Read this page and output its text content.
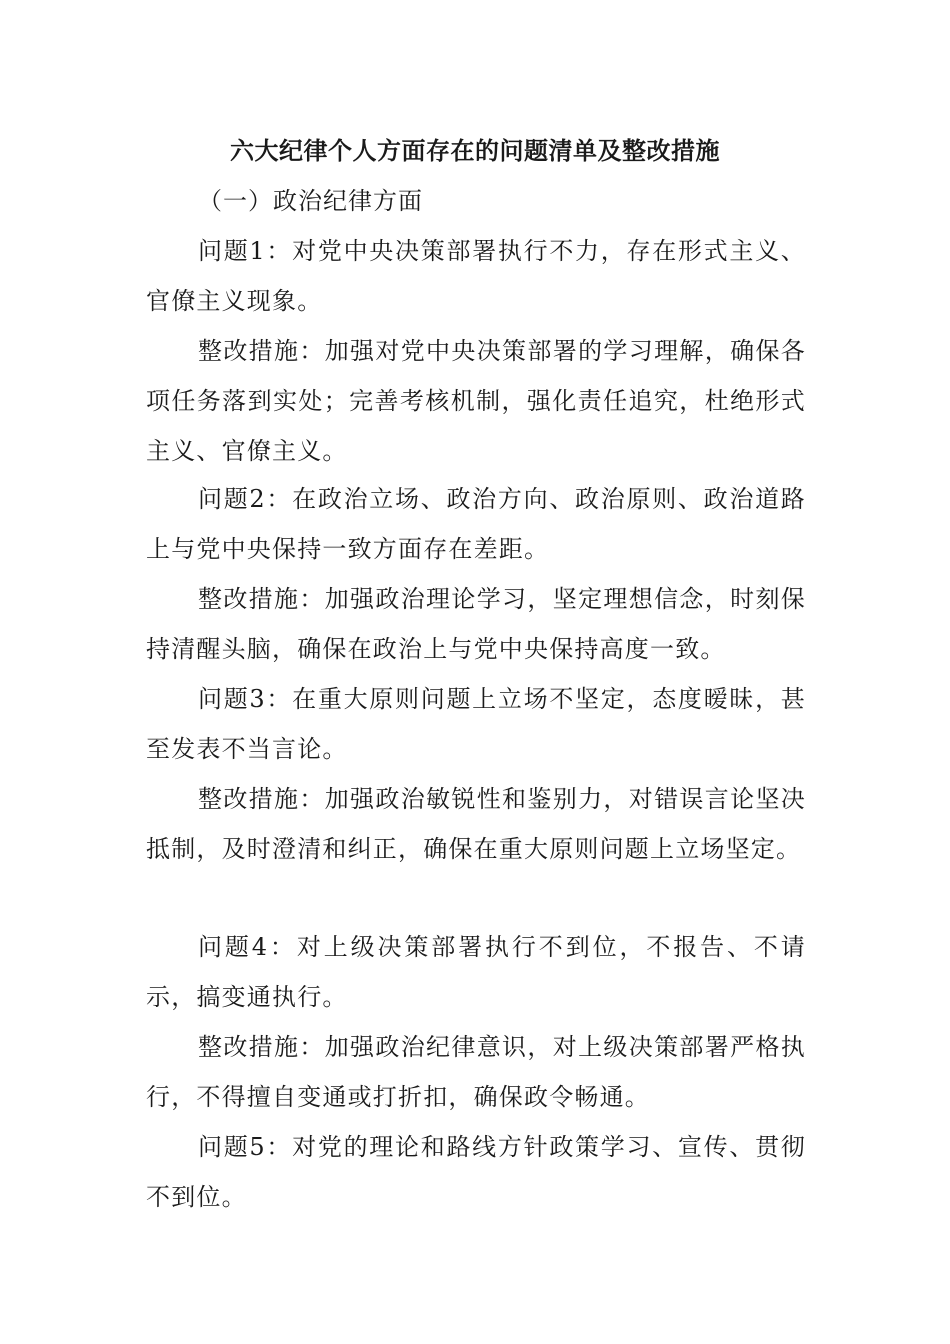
六大纪律个人方面存在的问题清单及整改措施
（一）政治纪律方面

问题1：对党中央决策部署执行不力，存在形式主义、官僚主义现象。

整改措施：加强对党中央决策部署的学习理解，确保各项任务落到实处；完善考核机制，强化责任追究，杜绝形式主义、官僚主义。

问题2：在政治立场、政治方向、政治原则、政治道路上与党中央保持一致方面存在差距。

整改措施：加强政治理论学习，坚定理想信念，时刻保持清醒头脑，确保在政治上与党中央保持高度一致。

问题3：在重大原则问题上立场不坚定，态度暧昧，甚至发表不当言论。

整改措施：加强政治敏锐性和鉴别力，对错误言论坚决抵制，及时澄清和纠正，确保在重大原则问题上立场坚定。

问题4：对上级决策部署执行不到位，不报告、不请示，搞变通执行。

整改措施：加强政治纪律意识，对上级决策部署严格执行，不得擅自变通或打折扣，确保政令畅通。

问题5：对党的理论和路线方针政策学习、宣传、贯彻不到位。
